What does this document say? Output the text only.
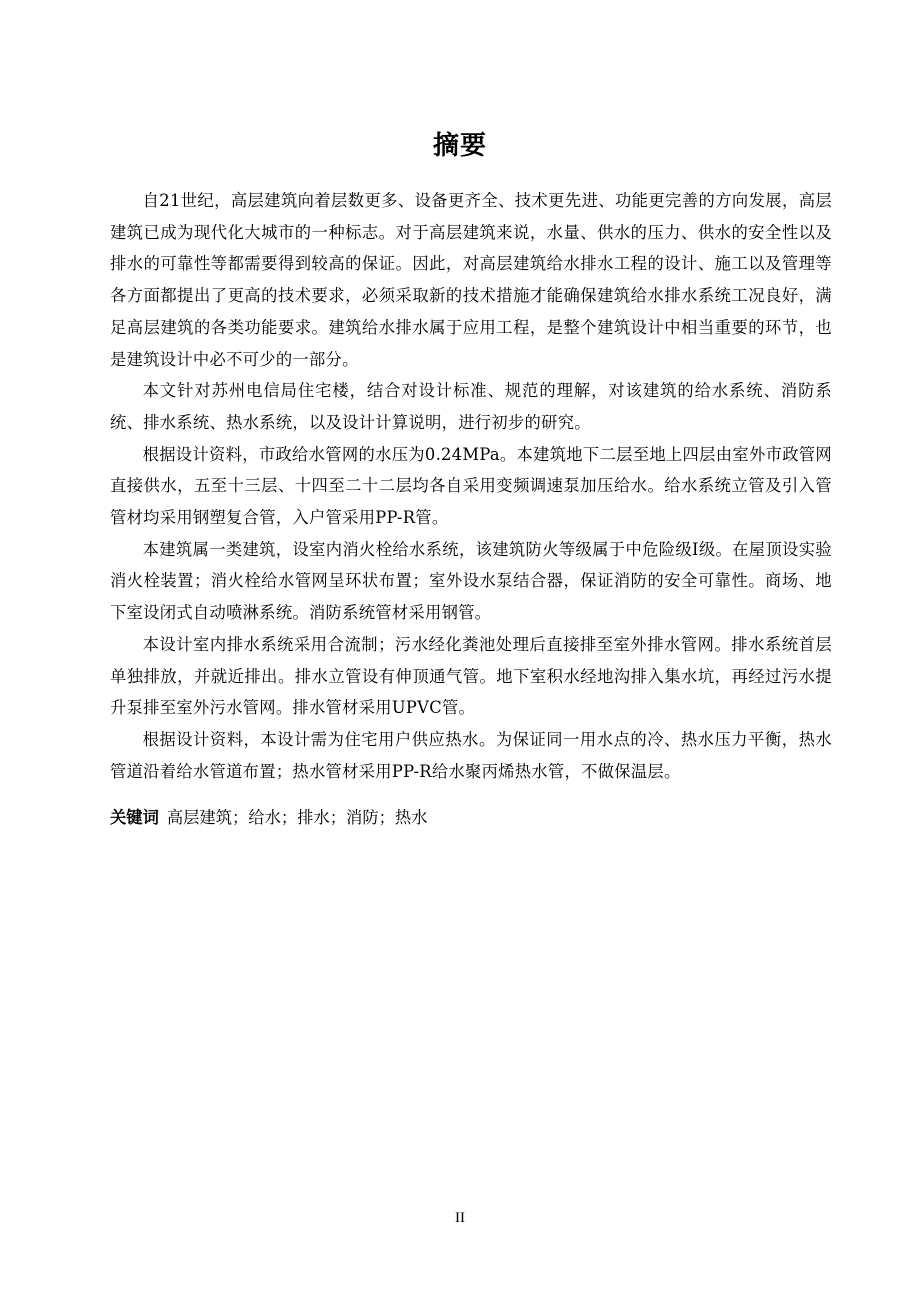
摘要

自21世纪，高层建筑向着层数更多、设备更齐全、技术更先进、功能更完善的方向发展，高层建筑已成为现代化大城市的一种标志。对于高层建筑来说，水量、供水的压力、供水的安全性以及排水的可靠性等都需要得到较高的保证。因此，对高层建筑给水排水工程的设计、施工以及管理等各方面都提出了更高的技术要求，必须采取新的技术措施才能确保建筑给水排水系统工况良好，满足高层建筑的各类功能要求。建筑给水排水属于应用工程，是整个建筑设计中相当重要的环节，也是建筑设计中必不可少的一部分。

本文针对苏州电信局住宅楼，结合对设计标准、规范的理解，对该建筑的给水系统、消防系统、排水系统、热水系统，以及设计计算说明，进行初步的研究。

根据设计资料，市政给水管网的水压为0.24MPa。本建筑地下二层至地上四层由室外市政管网直接供水，五至十三层、十四至二十二层均各自采用变频调速泵加压给水。给水系统立管及引入管管材均采用钢塑复合管，入户管采用PP-R管。

本建筑属一类建筑，设室内消火栓给水系统，该建筑防火等级属于中危险级Ⅰ级。在屋顶设实验消火栓装置；消火栓给水管网呈环状布置；室外设水泵结合器，保证消防的安全可靠性。商场、地下室设闭式自动喷淋系统。消防系统管材采用钢管。

本设计室内排水系统采用合流制；污水经化粪池处理后直接排至室外排水管网。排水系统首层单独排放，并就近排出。排水立管设有伸顶通气管。地下室积水经地沟排入集水坑，再经过污水提升泵排至室外污水管网。排水管材采用UPVC管。

根据设计资料，本设计需为住宅用户供应热水。为保证同一用水点的冷、热水压力平衡，热水管道沿着给水管道布置；热水管材采用PP-R给水聚丙烯热水管，不做保温层。

关键词 高层建筑 ； 给水 ； 排水 ； 消防 ； 热水
II
